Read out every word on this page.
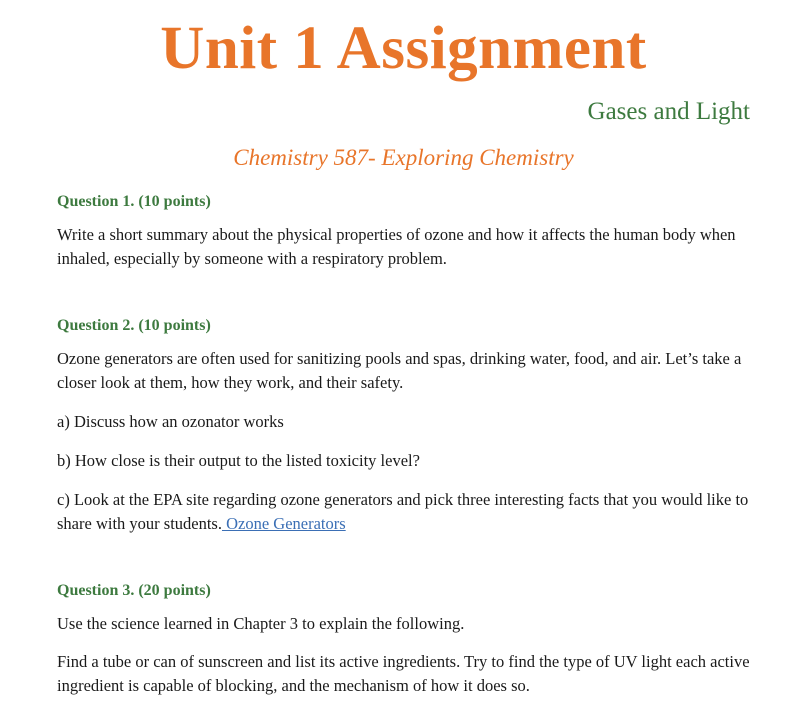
Unit 1 Assignment
Gases and Light
Chemistry 587- Exploring Chemistry

Question 1. (10 points)

Write a short summary about the physical properties of ozone and how it affects the human body when inhaled, especially by someone with a respiratory problem.

Question 2. (10 points)

Ozone generators are often used for sanitizing pools and spas, drinking water, food, and air. Let’s take a closer look at them, how they work, and their safety.

a) Discuss how an ozonator works

b) How close is their output to the listed toxicity level?

c) Look at the EPA site regarding ozone generators and pick three interesting facts that you would like to share with your students. Ozone Generators

Question 3. (20 points)

Use the science learned in Chapter 3 to explain the following.

Find a tube or can of sunscreen and list its active ingredients. Try to find the type of UV light each active ingredient is capable of blocking, and the mechanism of how it does so.
